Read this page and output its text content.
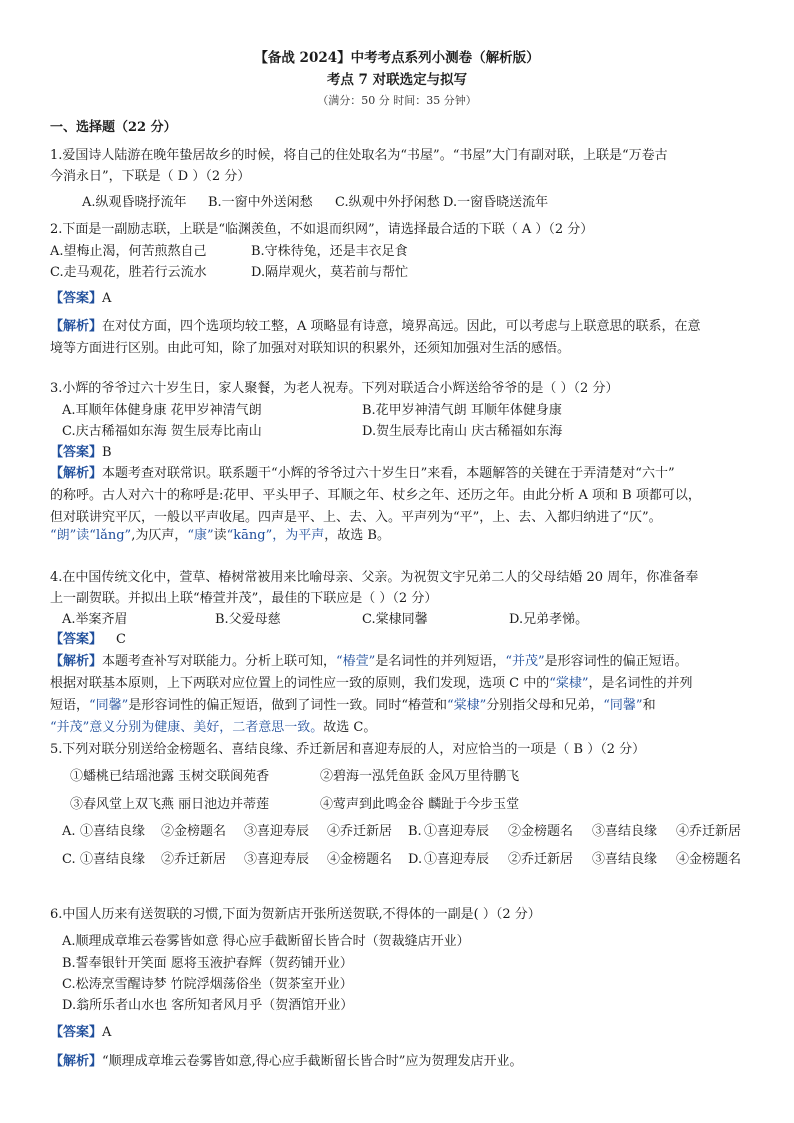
【备战 2024】中考考点系列小测卷（解析版）
考点 7 对联选定与拟写
（满分：50 分 时间：35 分钟）
一、选择题（22 分）
1.爱国诗人陆游在晚年蛰居故乡的时候，将自己的住处取名为“书屋”。“书屋”大门有副对联，上联是“万卷古
今消永日”，下联是（ D ）（2 分）
A.纵观昏晓抒流年 B.一窗中外送闲愁 C.纵观中外抒闲愁 D.一窗昏晓送流年
2.下面是一副励志联，上联是“临渊羡鱼，不如退而织网”，请选择最合适的下联（ A ）（2 分）
A.望梅止渴，何苦煎熬自己	B.守株待兔，还是丰衣足食
C.走马观花，胜若行云流水	D.隔岸观火，莫若前与帮忙
【答案】A
【解析】在对仗方面，四个选项均较工整，A 项略显有诗意，境界高远。因此，可以考虑与上联意思的联系，在意
境等方面进行区别。由此可知，除了加强对对联知识的积累外，还须知加强对生活的感悟。
3.小辉的爷爷过六十岁生日，家人聚餐，为老人祝寿。下列对联适合小辉送给爷爷的是（ ）（2 分）
A.耳顺年体健身康 花甲岁神清气朗	B.花甲岁神清气朗 耳顺年体健身康
C.庆古稀福如东海 贺生辰寿比南山	D.贺生辰寿比南山 庆古稀福如东海
【答案】B
【解析】本题考查对联常识。联系题干“小辉的爷爷过六十岁生日”来看，本题解答的关键在于弄清楚对“六十”
的称呼。古人对六十的称呼是:花甲、平头甲子、耳顺之年、杖乡之年、还历之年。由此分析 A 项和 B 项都可以，
但对联讲究平仄，一般以平声收尾。四声是平、上、去、入。平声列为“平”，上、去、入都归纳进了“仄”。
“朗”读“lǎng”,为仄声，“康”读“kāng”，为平声，故选 B。
4.在中国传统文化中，萱草、椿树常被用来比喻母亲、父亲。为祝贺文宇兄弟二人的父母结婚 20 周年，你准备奉
上一副贺联。并拟出上联“椿萱并茂”，最佳的下联应是（ ）（2 分）
A.举案齐眉	B.父爱母慈	C.棠棣同馨	D.兄弟孝悌。
【答案】 C
【解析】本题考查补写对联能力。分析上联可知，“椿萱”是名词性的并列短语，“并茂”是形容词性的偏正短语。
根据对联基本原则，上下两联对应位置上的词性应一致的原则，我们发现，选项 C 中的“棠棣”，是名词性的并列
短语，“同馨”是形容词性的偏正短语，做到了词性一致。同时“椿萱和“棠棣”分别指父母和兄弟，“同馨”和
“并茂”意义分别为健康、美好，二者意思一致。故选 C。
5.下列对联分别送给金榜题名、喜结良缘、乔迁新居和喜迎寿辰的人，对应恰当的一项是（ B ）（2 分）
①蟠桃已结瑶池露 玉树交联阆苑香	②碧海一泓凭鱼跃 金风万里待鹏飞
③春风堂上双飞燕 丽日池边并蒂莲	④莺声到此鸣金谷 麟趾于今步玉堂
A. ①喜结良缘 ②金榜题名 ③喜迎寿辰 ④乔迁新居 B. ①喜迎寿辰 ②金榜题名 ③喜结良缘 ④乔迁新居
C. ①喜结良缘 ②乔迁新居 ③喜迎寿辰 ④金榜题名 D. ①喜迎寿辰 ②乔迁新居 ③喜结良缘 ④金榜题名
6.中国人历来有送贺联的习惯,下面为贺新店开张所送贺联,不得体的一副是( ）（2 分）
A.顺理成章堆云卷雾皆如意 得心应手截断留长皆合时（贺裁缝店开业）
B.誓奉银针开笑面 愿将玉液护春辉（贺药铺开业）
C.松涛烹雪醒诗梦 竹院浮烟荡俗坐（贺茶室开业）
D.翁所乐者山水也 客所知者风月乎（贺酒馆开业）
【答案】A
【解析】“顺理成章堆云卷雾皆如意,得心应手截断留长皆合时”应为贺理发店开业。
